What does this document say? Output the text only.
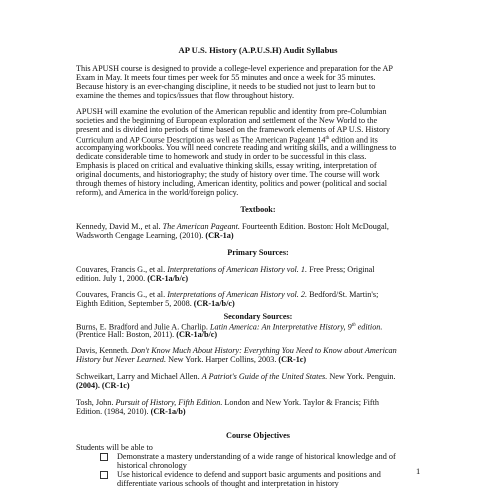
AP U.S. History (A.P.U.S.H) Audit Syllabus
This APUSH course is designed to provide a college-level experience and preparation for the AP
Exam in May. It meets four times per week for 55 minutes and once a week for 35 minutes.
Because history is an ever-changing discipline, it needs to be studied not just to learn but to
examine the themes and topics/issues that flow throughout history.
APUSH will examine the evolution of the American republic and identity from pre-Columbian
societies and the beginning of European exploration and settlement of the New World to the
present and is divided into periods of time based on the framework elements of AP U.S. History
Curriculum and AP Course Description as well as The American Pageant 14th edition and its
accompanying workbooks. You will need concrete reading and writing skills, and a willingness to
dedicate considerable time to homework and study in order to be successful in this class.
Emphasis is placed on critical and evaluative thinking skills, essay writing, interpretation of
original documents, and historiography; the study of history over time. The course will work
through themes of history including, American identity, politics and power (political and social
reform), and America in the world/foreign policy.
Textbook:
Kennedy, David M., et al. The American Pageant. Fourteenth Edition. Boston: Holt McDougal,
Wadsworth Cengage Learning, (2010). (CR-1a)
Primary Sources:
Couvares, Francis G., et al. Interpretations of American History vol. 1. Free Press; Original
edition. July 1, 2000. (CR-1a/b/c)
Couvares, Francis G., et al. Interpretations of American History vol. 2. Bedford/St. Martin's;
Eighth Edition, September 5, 2008. (CR-1a/b/c)
Secondary Sources:
Burns, E. Bradford and Julie A. Charlip. Latin America: An Interpretative History, 9th edition.
(Prentice Hall: Boston, 2011). (CR-1a/b/c)
Davis, Kenneth. Don't Know Much About History: Everything You Need to Know about American
History but Never Learned. New York. Harper Collins, 2003. (CR-1c)
Schweikart, Larry and Michael Allen. A Patriot's Guide of the United States. New York. Penguin.
(2004). (CR-1c)
Tosh, John. Pursuit of History, Fifth Edition. London and New York. Taylor & Francis; Fifth
Edition. (1984, 2010). (CR-1a/b)
Course Objectives
Students will be able to
Demonstrate a mastery understanding of a wide range of historical knowledge and of
historical chronology
Use historical evidence to defend and support basic arguments and positions and
differentiate various schools of thought and interpretation in history
1
